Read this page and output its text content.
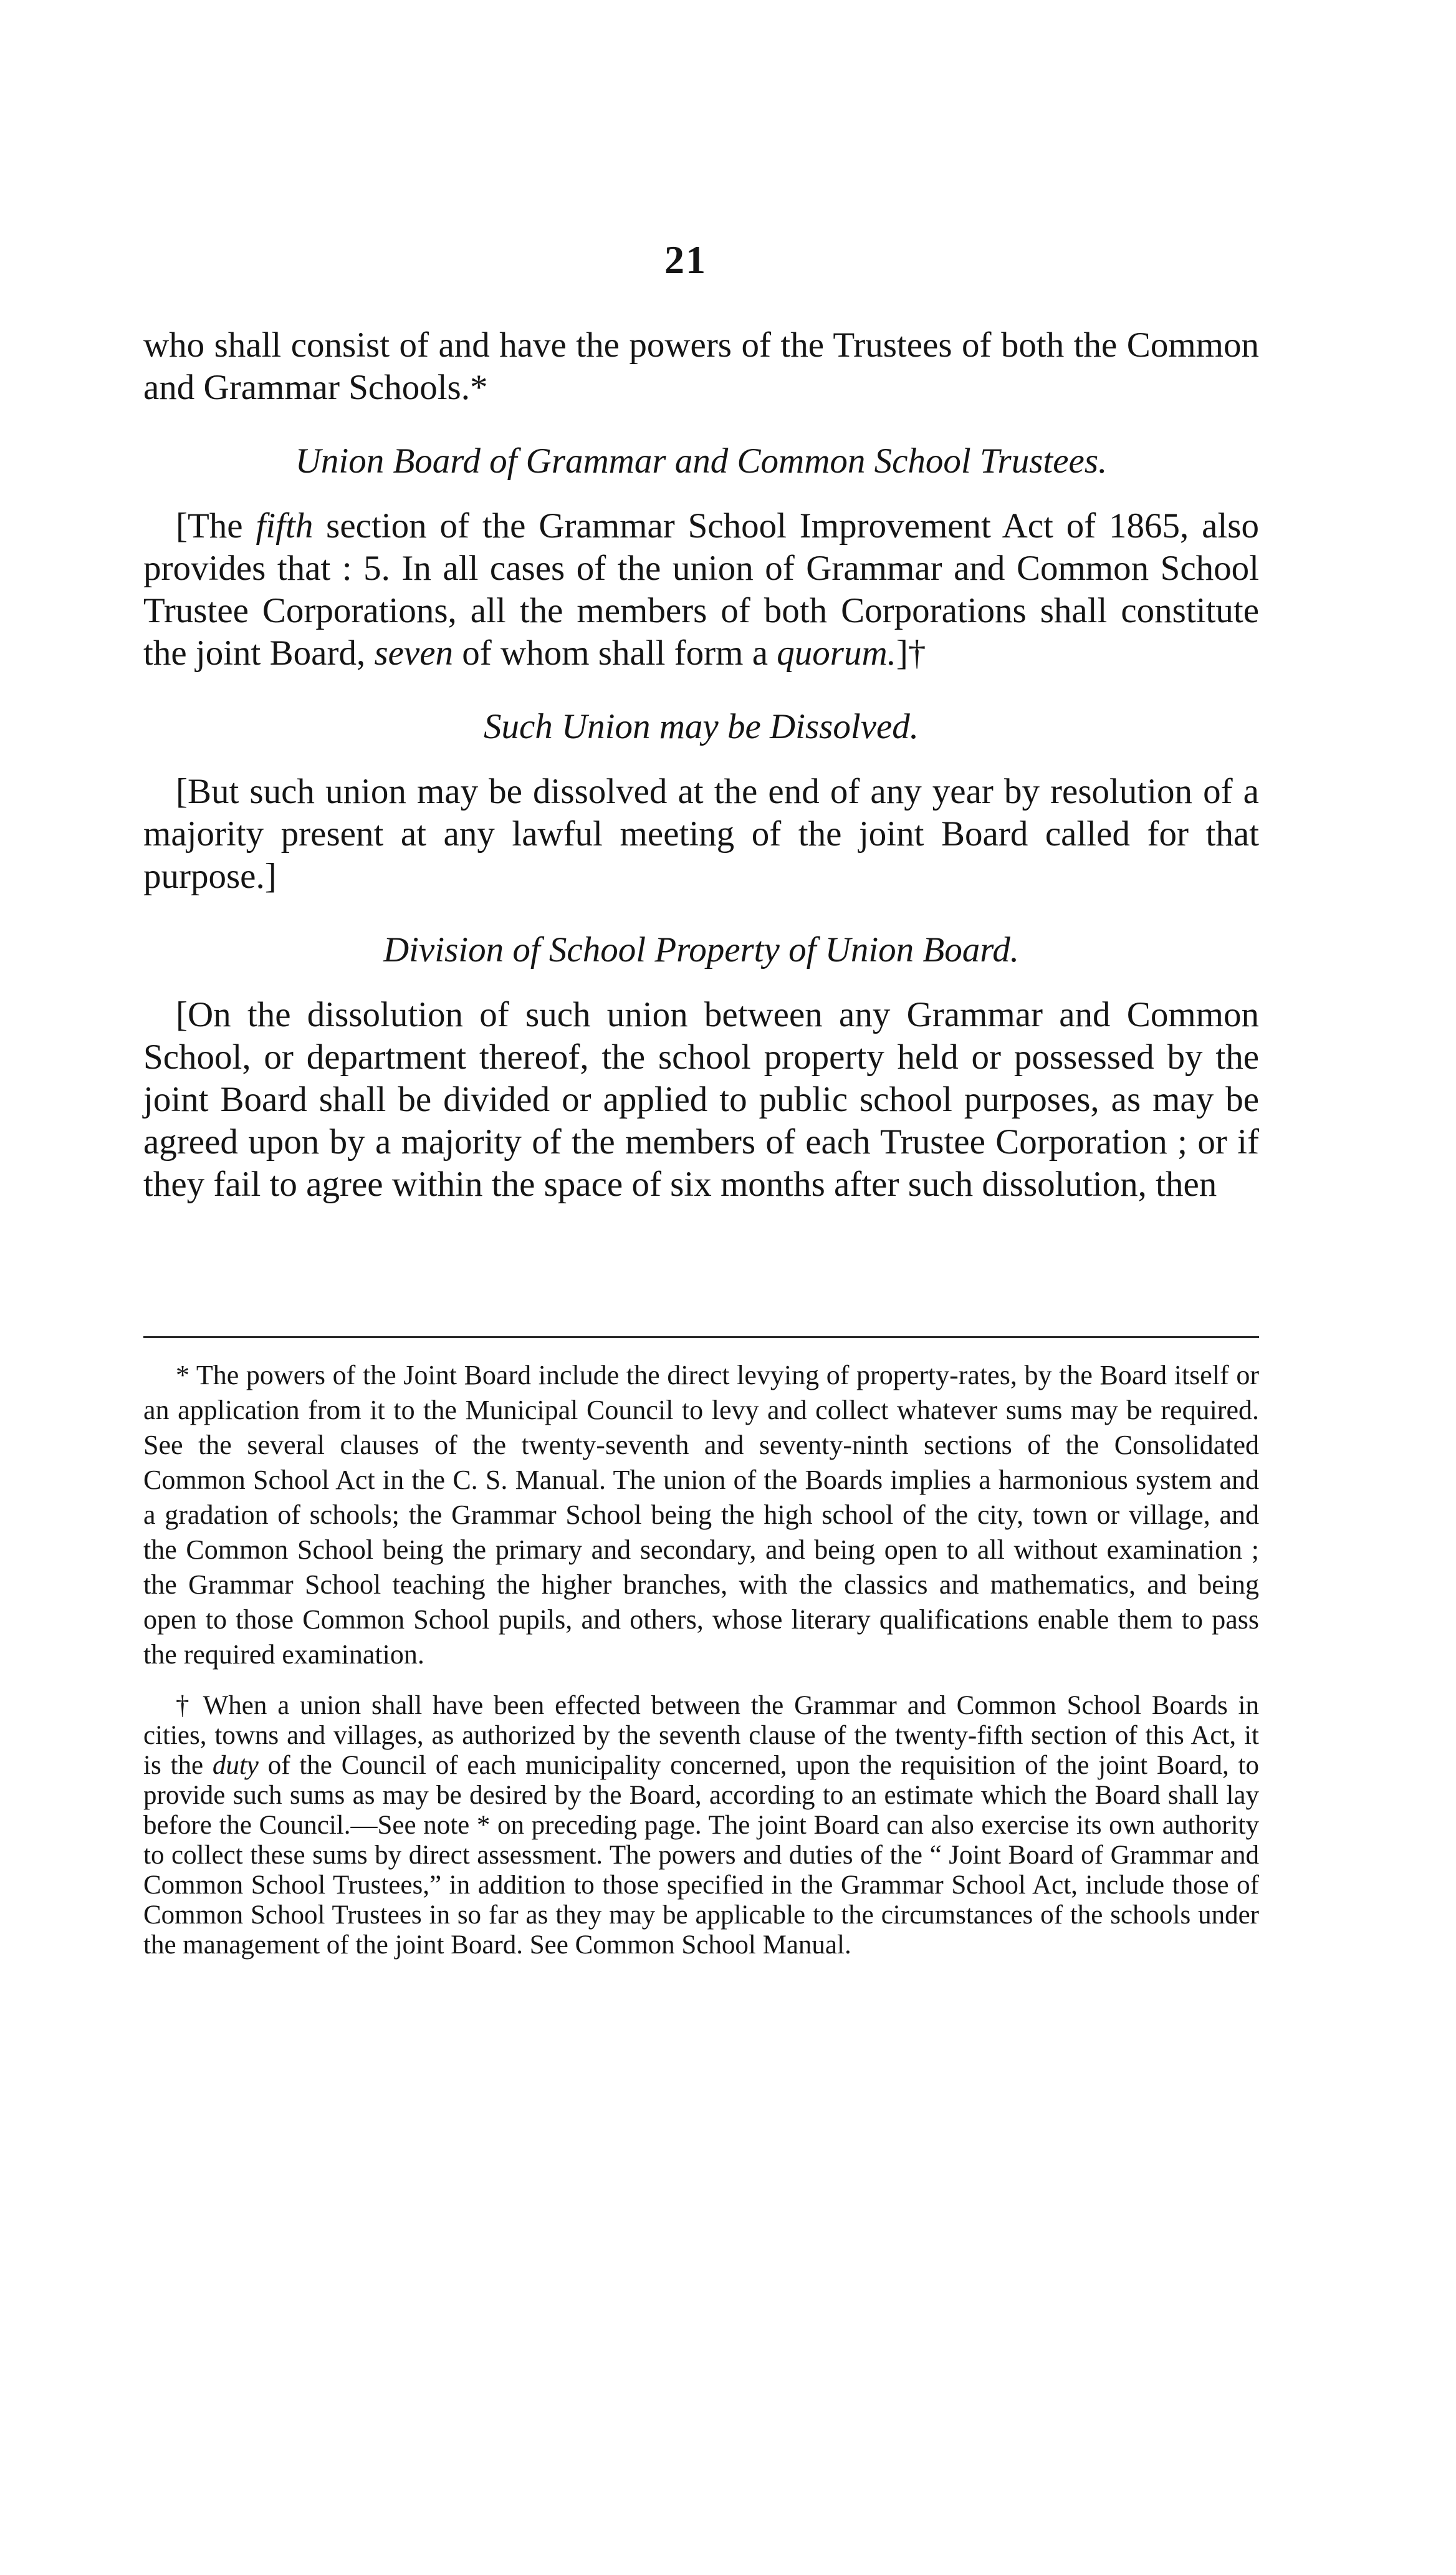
21

who shall consist of and have the powers of the Trustees of both the Common and Grammar Schools.*

Union Board of Grammar and Common School Trustees.

[The fifth section of the Grammar School Improvement Act of 1865, also provides that : 5. In all cases of the union of Grammar and Common School Trustee Corporations, all the members of both Corporations shall constitute the joint Board, seven of whom shall form a quorum.]†

Such Union may be Dissolved.

[But such union may be dissolved at the end of any year by resolution of a majority present at any lawful meeting of the joint Board called for that purpose.]

Division of School Property of Union Board.

[On the dissolution of such union between any Grammar and Common School, or department thereof, the school property held or possessed by the joint Board shall be divided or applied to public school purposes, as may be agreed upon by a majority of the members of each Trustee Corporation ; or if they fail to agree within the space of six months after such dissolution, then

* The powers of the Joint Board include the direct levying of property-rates, by the Board itself or an application from it to the Municipal Council to levy and collect whatever sums may be required. See the several clauses of the twenty-seventh and seventy-ninth sections of the Consolidated Common School Act in the C. S. Manual. The union of the Boards implies a harmonious system and a gradation of schools; the Grammar School being the high school of the city, town or village, and the Common School being the primary and secondary, and being open to all without examination ; the Grammar School teaching the higher branches, with the classics and mathematics, and being open to those Common School pupils, and others, whose literary qualifications enable them to pass the required examination.

† When a union shall have been effected between the Grammar and Common School Boards in cities, towns and villages, as authorized by the seventh clause of the twenty-fifth section of this Act, it is the duty of the Council of each municipality concerned, upon the requisition of the joint Board, to provide such sums as may be desired by the Board, according to an estimate which the Board shall lay before the Council.—See note * on preceding page. The joint Board can also exercise its own authority to collect these sums by direct assessment. The powers and duties of the “ Joint Board of Grammar and Common School Trustees,” in addition to those specified in the Grammar School Act, include those of Common School Trustees in so far as they may be applicable to the circumstances of the schools under the management of the joint Board. See Common School Manual.
